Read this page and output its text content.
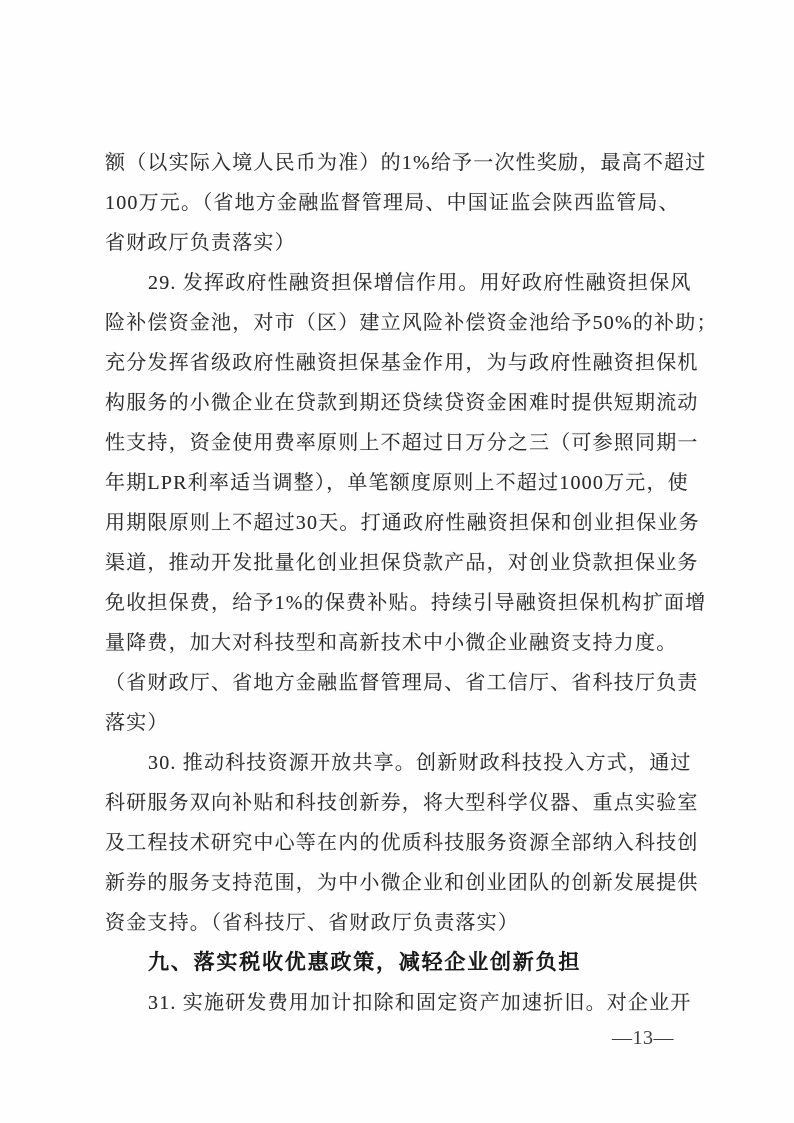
额（以实际入境人民币为准）的1%给予一次性奖励，最高不超过

100万元。（省地方金融监督管理局、中国证监会陕西监管局、

省财政厅负责落实）

29. 发挥政府性融资担保增信作用。用好政府性融资担保风

险补偿资金池，对市（区）建立风险补偿资金池给予50%的补助；

充分发挥省级政府性融资担保基金作用，为与政府性融资担保机

构服务的小微企业在贷款到期还贷续贷资金困难时提供短期流动

性支持，资金使用费率原则上不超过日万分之三（可参照同期一

年期LPR利率适当调整），单笔额度原则上不超过1000万元，使

用期限原则上不超过30天。打通政府性融资担保和创业担保业务

渠道，推动开发批量化创业担保贷款产品，对创业贷款担保业务

免收担保费，给予1%的保费补贴。持续引导融资担保机构扩面增

量降费，加大对科技型和高新技术中小微企业融资支持力度。

（省财政厅、省地方金融监督管理局、省工信厅、省科技厅负责

落实）

30. 推动科技资源开放共享。创新财政科技投入方式，通过

科研服务双向补贴和科技创新券，将大型科学仪器、重点实验室

及工程技术研究中心等在内的优质科技服务资源全部纳入科技创

新券的服务支持范围，为中小微企业和创业团队的创新发展提供

资金支持。（省科技厅、省财政厅负责落实）

九、落实税收优惠政策，减轻企业创新负担

31. 实施研发费用加计扣除和固定资产加速折旧。对企业开

—13—
